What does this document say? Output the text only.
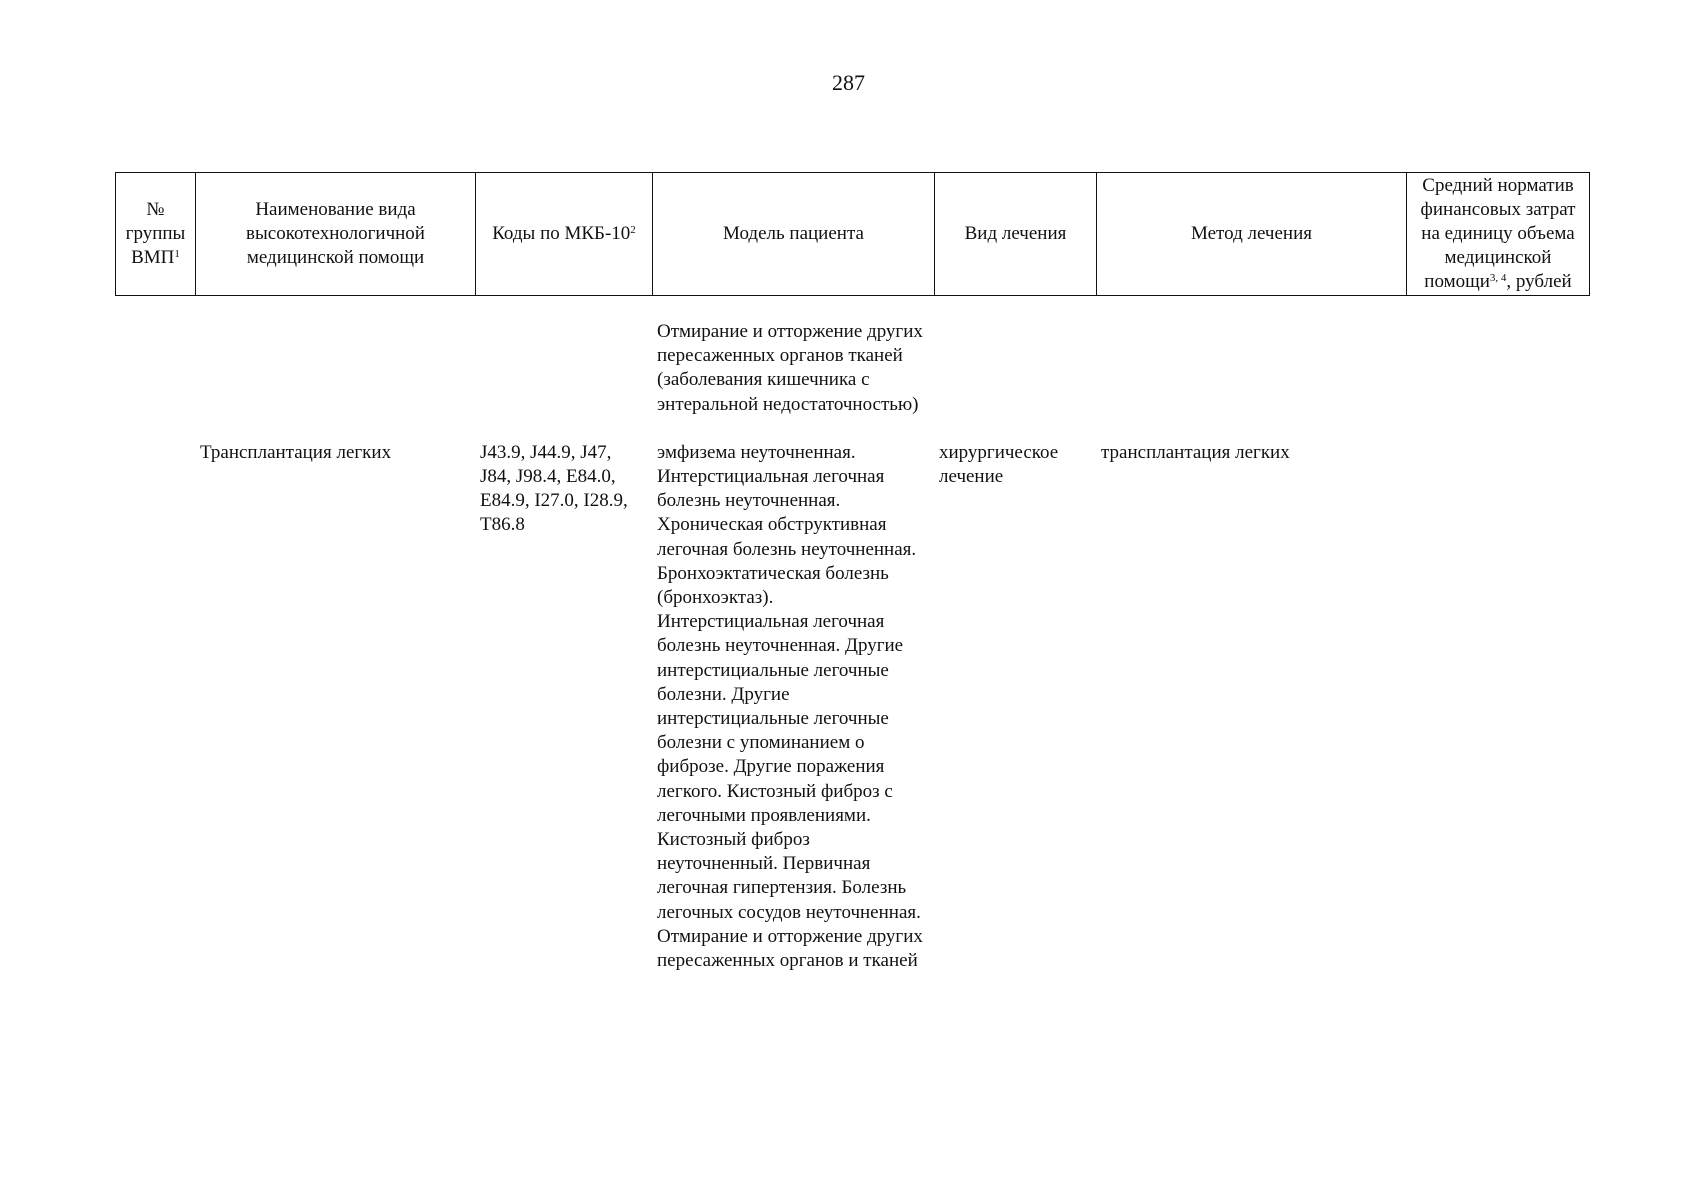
287
№ группы ВМП$^1$	Наименование вида высокотехнологичной медицинской помощи	Коды по МКБ-$10^2$	Модель пациента	Вид лечения	Метод лечения	Средний норматив финансовых затрат на единицу объема медицинской помощи$^{3, 4}$, рублей
			Отмирание и отторжение других пересаженных органов тканей (заболевания кишечника с энтеральной недостаточностью)			

	Трансплантация легких	J43.9, J44.9, J47, J84, J98.4, E84.0, E84.9, I27.0, I28.9, T86.8	эмфизема неуточненная. Интерстициальная легочная болезнь неуточненная. Хроническая обструктивная легочная болезнь неуточненная. Бронхоэктатическая болезнь (бронхоэктаз). Интерстициальная легочная болезнь неуточненная. Другие интерстициальные легочные болезни. Другие интерстициальные легочные болезни с упоминанием о фиброзе. Другие поражения легкого. Кистозный фиброз с легочными проявлениями. Кистозный фиброз неуточненный. Первичная легочная гипертензия. Болезнь легочных сосудов неуточненная. Отмирание и отторжение других пересаженных органов и тканей	хирургическое лечение	трансплантация легких	
